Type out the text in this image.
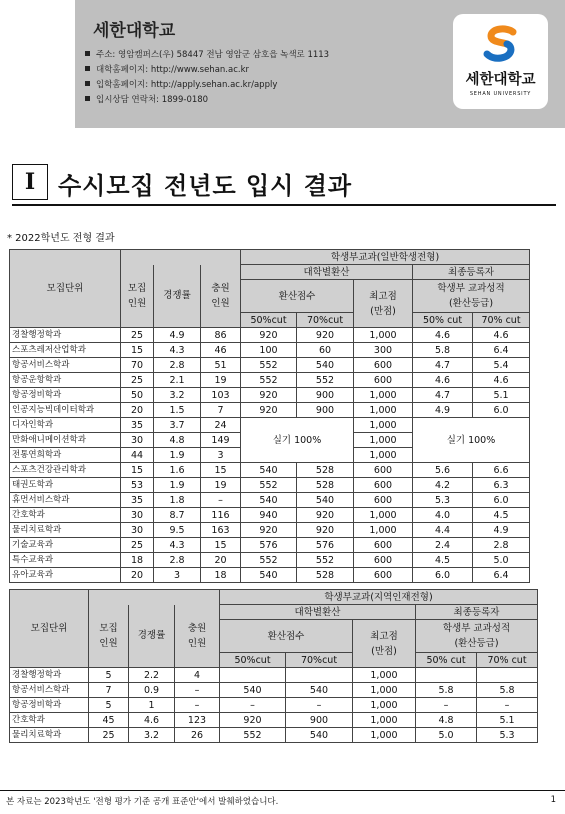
세한대학교
주소: 영암캠퍼스(우) 58447 전남 영암군 삼호읍 녹색로 1113
대학홈페이지: http://www.sehan.ac.kr
입학홈페이지: http://apply.sehan.ac.kr/apply
입시상담 연락처: 1899-0180
세한대학교
SEHAN UNIVERSITY
I 수시모집 전년도 입시 결과
* 2022학년도 전형 결과
모집단위				학생부교과(일반학생전형)				
	모집
인원	경쟁률	충원
인원	대학별환산			최종등록자	
				환산점수		최고점
(만점)	학생부 교과성적
(환산등급)	
				50%cut	70%cut		50% cut	70% cut
경찰행정학과	25	4.9	86	920	920	1,000	4.6	4.6
스포츠레저산업학과	15	4.3	46	100	60	300	5.8	6.4
항공서비스학과	70	2.8	51	552	540	600	4.7	5.4
항공운항학과	25	2.1	19	552	552	600	4.6	4.6
항공정비학과	50	3.2	103	920	900	1,000	4.7	5.1
인공지능빅데이터학과	20	1.5	7	920	900	1,000	4.9	6.0
디자인학과	35	3.7	24	실기 100%		1,000	실기 100%	
만화애니메이션학과	30	4.8	149			1,000		
전통연희학과	44	1.9	3			1,000		
스포츠건강관리학과	15	1.6	15	540	528	600	5.6	6.6
태권도학과	53	1.9	19	552	528	600	4.2	6.3
휴먼서비스학과	35	1.8	–	540	540	600	5.3	6.0
간호학과	30	8.7	116	940	920	1,000	4.0	4.5
물리치료학과	30	9.5	163	920	920	1,000	4.4	4.9
기술교육과	25	4.3	15	576	576	600	2.4	2.8
특수교육과	18	2.8	20	552	552	600	4.5	5.0
유아교육과	20	3	18	540	528	600	6.0	6.4
모집단위				학생부교과(지역인재전형)				
	모집
인원	경쟁률	충원
인원	대학별환산			최종등록자	
				환산점수		최고점
(만점)	학생부 교과성적
(환산등급)	
				50%cut	70%cut		50% cut	70% cut
경찰행정학과	5	2.2	4			1,000		
항공서비스학과	7	0.9	–	540	540	1,000	5.8	5.8
항공정비학과	5	1	–	–	–	1,000	–	–
간호학과	45	4.6	123	920	900	1,000	4.8	5.1
물리치료학과	25	3.2	26	552	540	1,000	5.0	5.3
본 자료는 2023학년도 '전형 평가 기준 공개 표준안'에서 발췌하였습니다.	1
